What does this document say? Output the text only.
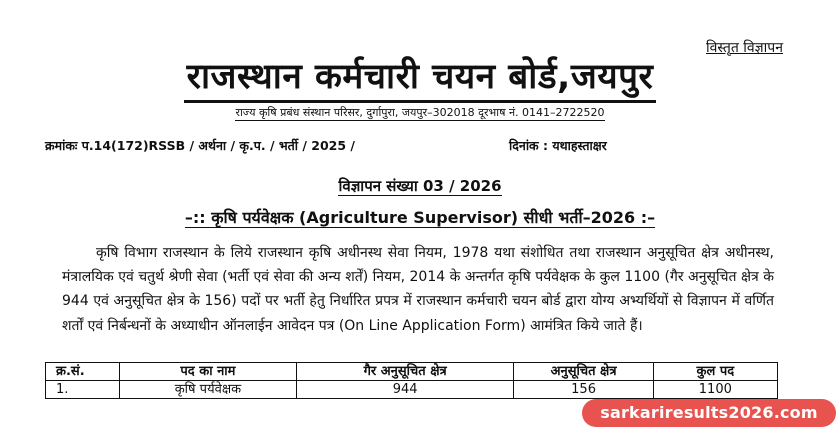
विस्तृत विज्ञापन
राजस्थान कर्मचारी चयन बोर्ड,जयपुर
राज्य कृषि प्रबंध संस्थान परिसर, दुर्गापुरा, जयपुर–302018 दूरभाष नं. 0141–2722520
क्रमांकः प.14(172)RSSB / अर्थना / कृ.प. / भर्ती / 2025 /	दिनांक : यथाहस्ताक्षर
विज्ञापन संख्या 03 / 2026
–:: कृषि पर्यवेक्षक (Agriculture Supervisor) सीधी भर्ती–2026 :–
कृषि विभाग राजस्थान के लिये राजस्थान कृषि अधीनस्थ सेवा नियम, 1978 यथा संशोधित तथा राजस्थान अनुसूचित क्षेत्र अधीनस्थ, मंत्रालयिक एवं चतुर्थ श्रेणी सेवा (भर्ती एवं सेवा की अन्य शर्तें) नियम, 2014 के अन्तर्गत कृषि पर्यवेक्षक के कुल 1100 (गैर अनुसूचित क्षेत्र के 944 एवं अनुसूचित क्षेत्र के 156) पदों पर भर्ती हेतु निर्धारित प्रपत्र में राजस्थान कर्मचारी चयन बोर्ड द्वारा योग्य अभ्यर्थियों से विज्ञापन में वर्णित शर्तों एवं निर्बन्धनों के अध्याधीन ऑनलाईन आवेदन पत्र (On Line Application Form) आमंत्रित किये जाते हैं।
क्र.सं.	पद का नाम	गैर अनुसूचित क्षेत्र	अनुसूचित क्षेत्र	कुल पद
1.	कृषि पर्यवेक्षक	944	156	1100
sarkariresults2026.com
